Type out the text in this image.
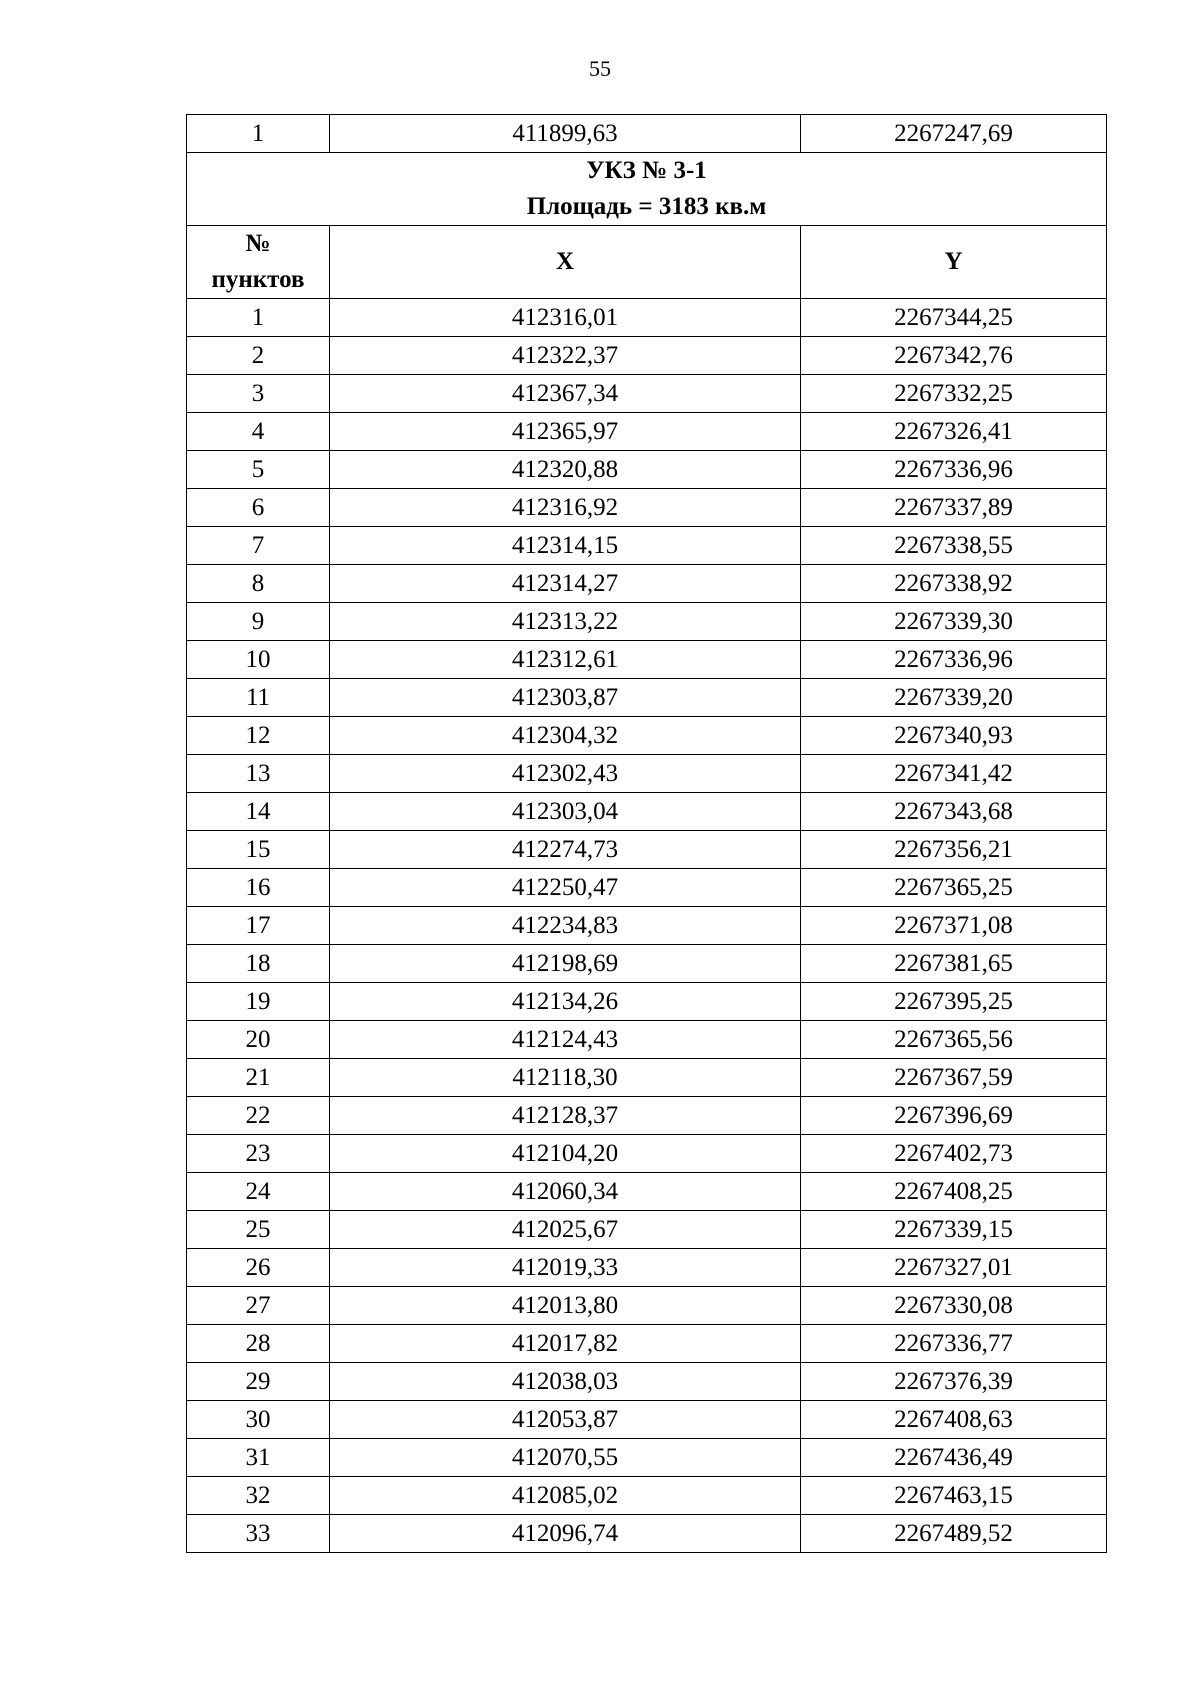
55
1	411899,63	2267247,69

УКЗ № 3-1
Площадь = 3183 кв.м		

№
пунктов	X	Y
1	412316,01	2267344,25
2	412322,37	2267342,76
3	412367,34	2267332,25
4	412365,97	2267326,41
5	412320,88	2267336,96
6	412316,92	2267337,89
7	412314,15	2267338,55
8	412314,27	2267338,92
9	412313,22	2267339,30
10	412312,61	2267336,96
11	412303,87	2267339,20
12	412304,32	2267340,93
13	412302,43	2267341,42
14	412303,04	2267343,68
15	412274,73	2267356,21
16	412250,47	2267365,25
17	412234,83	2267371,08
18	412198,69	2267381,65
19	412134,26	2267395,25
20	412124,43	2267365,56
21	412118,30	2267367,59
22	412128,37	2267396,69
23	412104,20	2267402,73
24	412060,34	2267408,25
25	412025,67	2267339,15
26	412019,33	2267327,01
27	412013,80	2267330,08
28	412017,82	2267336,77
29	412038,03	2267376,39
30	412053,87	2267408,63
31	412070,55	2267436,49
32	412085,02	2267463,15
33	412096,74	2267489,52
